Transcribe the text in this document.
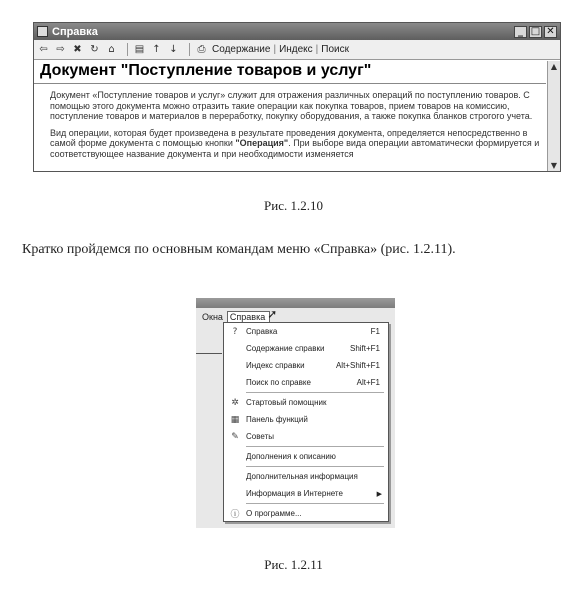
Справка	_ □ ✕
⇦ ⇨ ✖ ↻ ⌂	▤ ↑ ↓ ⎙ Содержание | Индекс | Поиск
Документ "Поступление товаров и услуг"	▲
▼

Документ «Поступление товаров и услуг» служит для отражения различных операций по поступлению товаров. С помощью этого документа можно отразить такие операции как покупка товаров, прием товаров на комиссию, поступление товаров и материалов в переработку, покупку оборудования, а также покупка бланков строгого учета.

Вид операции, которая будет произведена в результате проведения документа, определяется непосредственно в самой форме документа с помощью кнопки "Операция". При выборе вида операции автоматически формируется и соответствующее название документа и при необходимости изменяется

Рис. 1.2.10
Кратко пройдемся по основным командам меню «Справка» (рис. 1.2.11).
Окна Справка ➚
?	Справка	F1
Содержание справки	Shift+F1
Индекс справки	Alt+Shift+F1
Поиск по справке	Alt+F1
✲ Стартовый помощник
▦ Панель функций
✎ Советы
Дополнения к описанию
Дополнительная информация
Информация в Интернете	▶
ⓘ О программе...
Рис. 1.2.11
